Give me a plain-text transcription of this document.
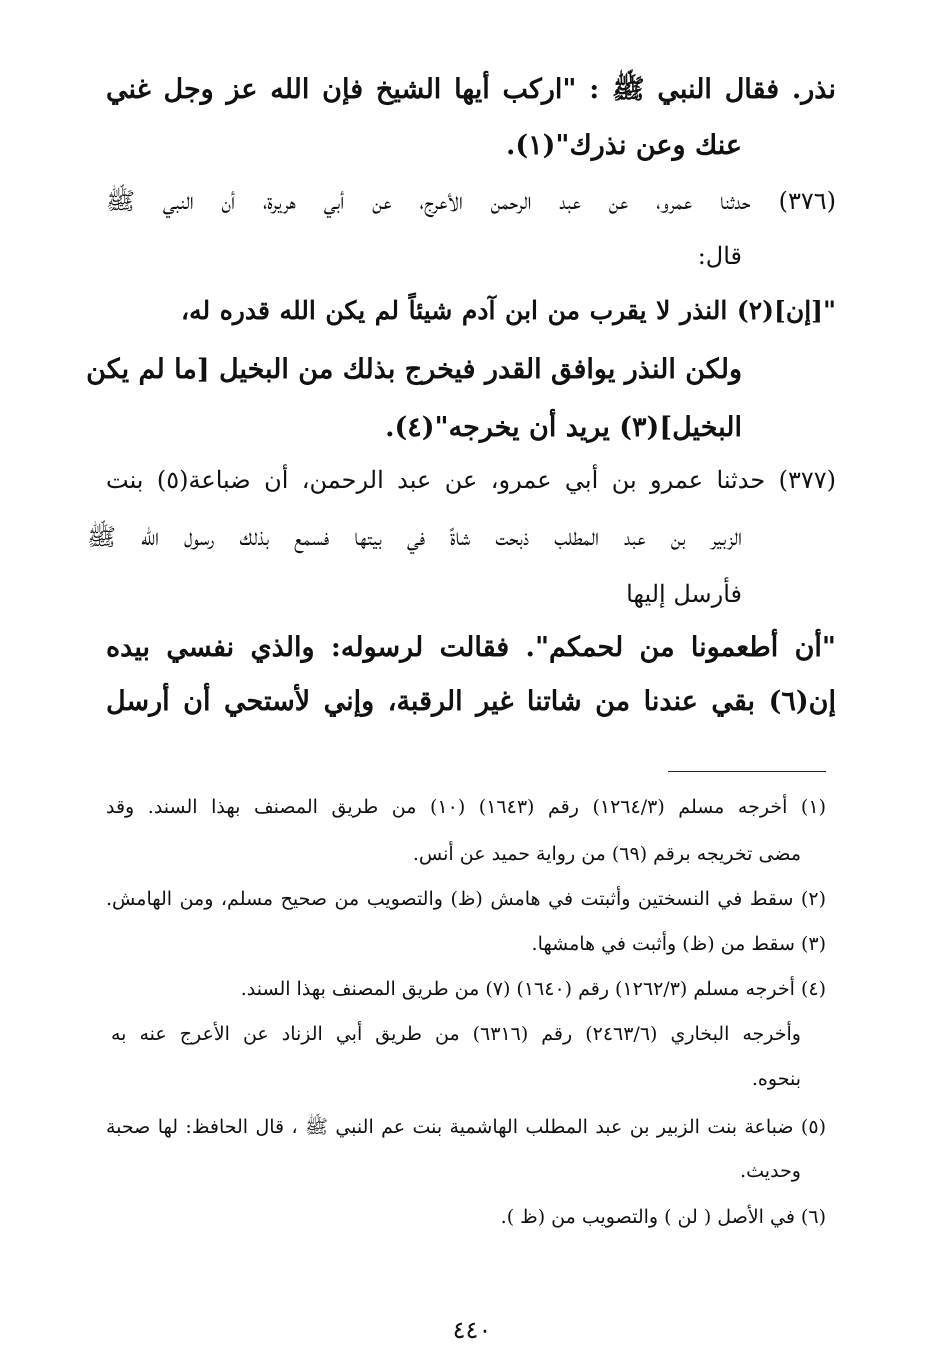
نذر. فقال النبي ﷺ : "اركب أيها الشيخ فإن الله عز وجل غني
عنك وعن نذرك"(١).
(٣٧٦) حدثنا عمرو، عن عبد الرحمن الأعرج، عن أبي هريرة، أن النبي ﷺ
قال:
"[إن](٢) النذر لا يقرب من ابن آدم شيئاً لم يكن الله قدره له،
ولكن النذر يوافق القدر فيخرج بذلك من البخيل [ما لم يكن
البخيل](٣) يريد أن يخرجه"(٤).
(٣٧٧) حدثنا عمرو بن أبي عمرو، عن عبد الرحمن، أن ضباعة(٥) بنت
الزبير بن عبد المطلب ذبحت شاةً في بيتها فسمع بذلك رسول الله ﷺ
فأرسل إليها
"أن أطعمونا من لحمكم". فقالت لرسوله: والذي نفسي بيده
إن(٦) بقي عندنا من شاتنا غير الرقبة، وإني لأستحي أن أرسل
(١) أخرجه مسلم (١٢٦٤/٣) رقم (١٦٤٣) (١٠) من طريق المصنف بهذا السند. وقد
مضى تخريجه برقم (٦٩) من رواية حميد عن أنس.
(٢) سقط في النسختين وأثبتت في هامش (ظ) والتصويب من صحيح مسلم، ومن الهامش.
(٣) سقط من (ظ) وأثبت في هامشها.
(٤) أخرجه مسلم (١٢٦٢/٣) رقم (١٦٤٠) (٧) من طريق المصنف بهذا السند.
وأخرجه البخاري (٢٤٦٣/٦) رقم (٦٣١٦) من طريق أبي الزناد عن الأعرج عنه به
بنحوه.
(٥) ضباعة بنت الزبير بن عبد المطلب الهاشمية بنت عم النبي ﷺ ، قال الحافظ: لها صحبة
وحديث.
(٦) في الأصل ( لن ) والتصويب من (ظ ).
٤٤٠
